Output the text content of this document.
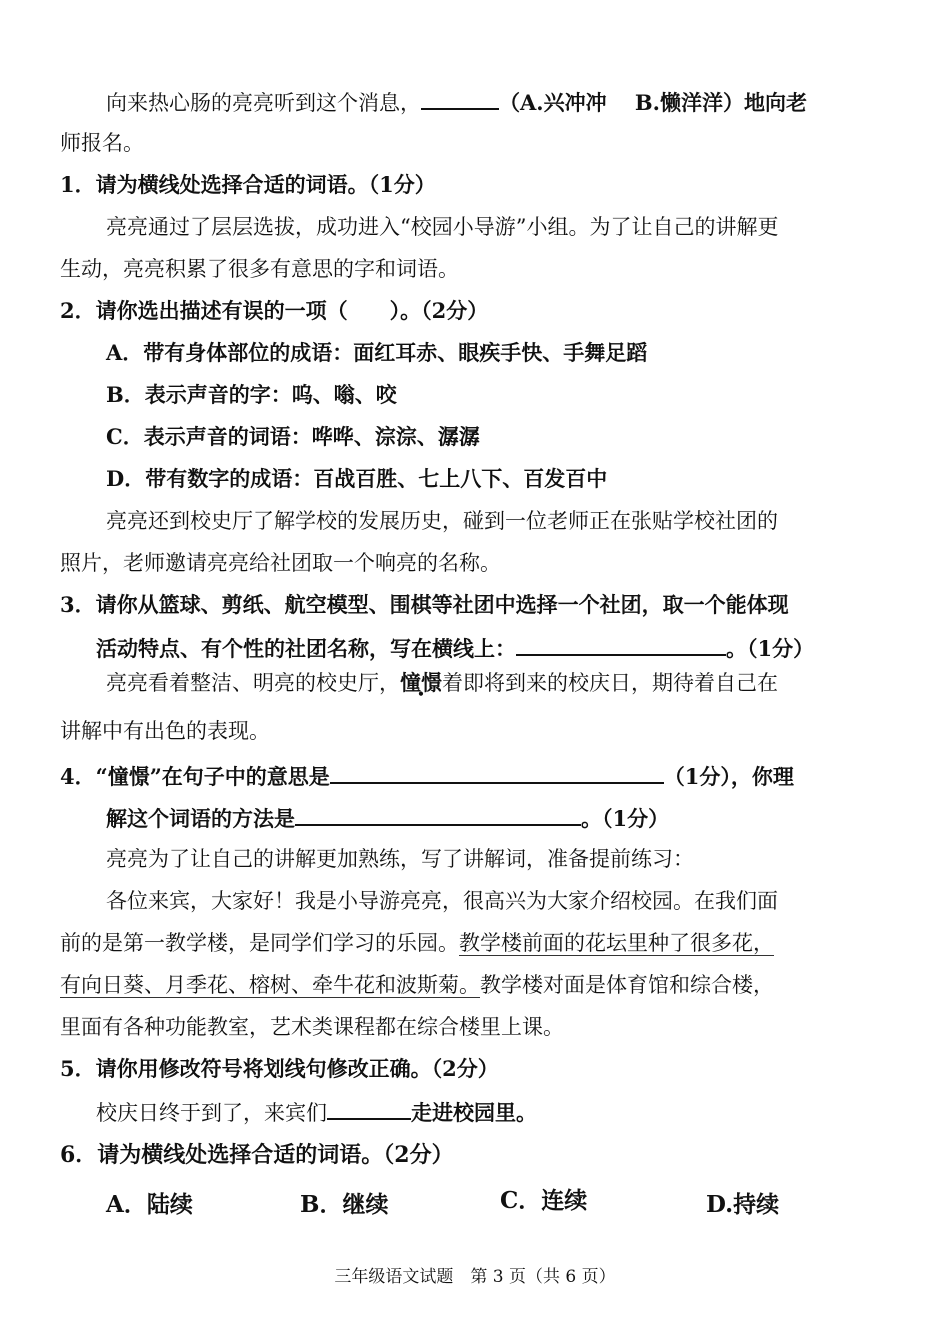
向来热心肠的亮亮听到这个消息，	（A.兴冲冲　 B.懒洋洋）地向老
师报名。
1．请为横线处选择合适的词语。（1分）
亮亮通过了层层选拔，成功进入“校园小导游”小组。为了让自己的讲解更
生动，亮亮积累了很多有意思的字和词语。
2．请你选出描述有误的一项（　　）。（2分）
A．带有身体部位的成语：面红耳赤、眼疾手快、手舞足蹈
B．表示声音的字：呜、嗡、咬
C．表示声音的词语：哗哗、淙淙、潺潺
D．带有数字的成语：百战百胜、七上八下、百发百中
亮亮还到校史厅了解学校的发展历史，碰到一位老师正在张贴学校社团的
照片，老师邀请亮亮给社团取一个响亮的名称。
3．请你从篮球、剪纸、航空模型、围棋等社团中选择一个社团，取一个能体现
活动特点、有个性的社团名称，写在横线上：	。（1分）
亮亮看着整洁、明亮的校史厅，憧憬着即将到来的校庆日，期待着自己在
讲解中有出色的表现。
4．“憧憬”在句子中的意思是	（1分），你理
解这个词语的方法是	。（1分）
亮亮为了让自己的讲解更加熟练，写了讲解词，准备提前练习：
各位来宾，大家好！我是小导游亮亮，很高兴为大家介绍校园。在我们面
前的是第一教学楼，是同学们学习的乐园。教学楼前面的花坛里种了很多花，
有向日葵、月季花、榕树、牵牛花和波斯菊。教学楼对面是体育馆和综合楼，
里面有各种功能教室，艺术类课程都在综合楼里上课。
5．请你用修改符号将划线句修改正确。（2分）
校庆日终于到了，来宾们	走进校园里。
6．请为横线处选择合适的词语。（2分）
A．陆续	B．继续	C．连续	D.持续
三年级语文试题　第 3 页（共 6 页）
